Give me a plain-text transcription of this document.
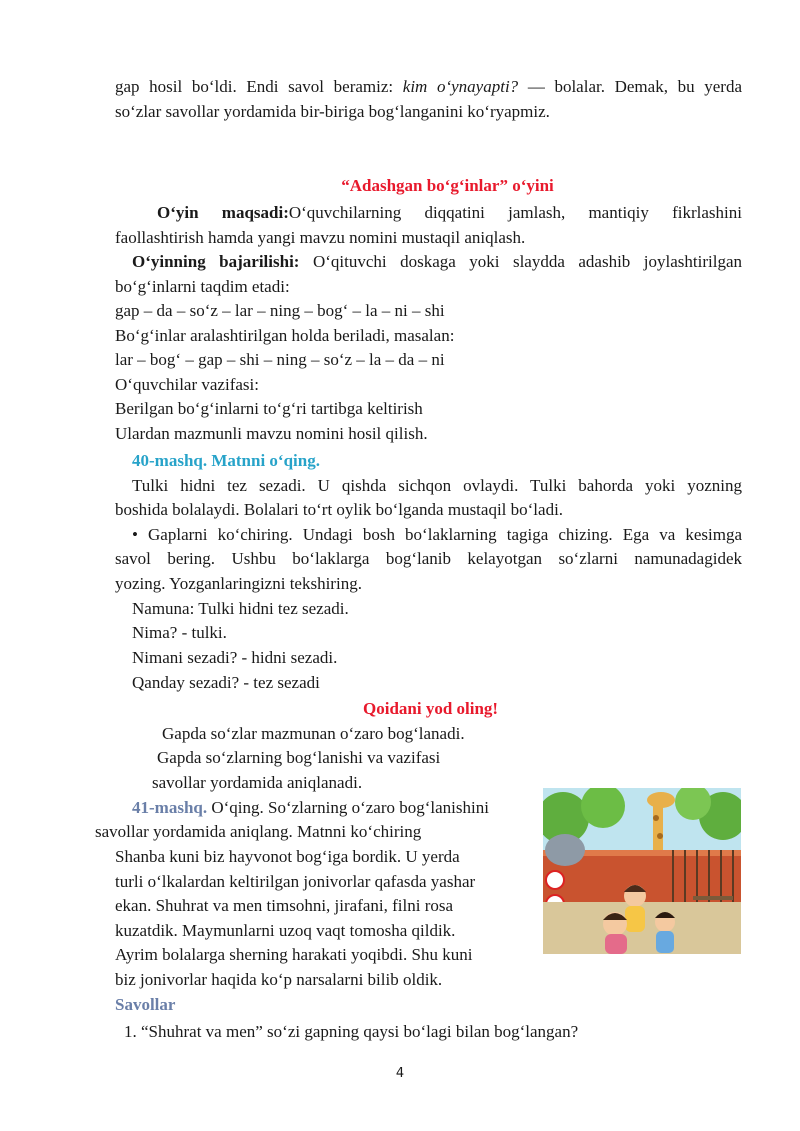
gap hosil bo‘ldi. Endi savol beramiz: kim o‘ynayapti? — bolalar. Demak, bu yerda
so‘zlar savollar yordamida bir-biriga bog‘langanini ko‘ryapmiz.
“Adashgan bo‘g‘inlar” o‘yini
O‘yin maqsadi:O‘quvchilarning diqqatini jamlash, mantiqiy fikrlashini
faollashtirish hamda yangi mavzu nomini mustaqil aniqlash.
O‘yinning bajarilishi: O‘qituvchi doskaga yoki slaydda adashib joylashtirilgan
bo‘g‘inlarni taqdim etadi:
gap – da – so‘z – lar – ning – bog‘ – la – ni – shi
Bo‘g‘inlar aralashtirilgan holda beriladi, masalan:
lar – bog‘ – gap – shi – ning – so‘z – la – da – ni
O‘quvchilar vazifasi:
Berilgan bo‘g‘inlarni to‘g‘ri tartibga keltirish
Ulardan mazmunli mavzu nomini hosil qilish.
40-mashq. Matnni o‘qing.
Tulki hidni tez sezadi. U qishda sichqon ovlaydi. Tulki bahorda yoki yozning
boshida bolalaydi. Bolalari to‘rt oylik bo‘lganda mustaqil bo‘ladi.
• Gaplarni ko‘chiring. Undagi bosh bo‘laklarning tagiga chizing. Ega va kesimga
savol bering. Ushbu bo‘laklarga bog‘lanib kelayotgan so‘zlarni namunadagidek
yozing. Yozganlaringizni tekshiring.
Namuna: Tulki hidni tez sezadi.
Nima? - tulki.
Nimani sezadi? - hidni sezadi.
Qanday sezadi? - tez sezadi
Qoidani yod oling!
Gapda so‘zlar mazmunan o‘zaro bog‘lanadi.
Gapda so‘zlarning bog‘lanishi va vazifasi
savollar yordamida aniqlanadi.
41-mashq. O‘qing. So‘zlarning o‘zaro bog‘lanishini
savollar yordamida aniqlang. Matnni ko‘chiring
Shanba kuni biz hayvonot bog‘iga bordik. U yerda
turli o‘lkalardan keltirilgan jonivorlar qafasda yashar
ekan. Shuhrat va men timsohni, jirafani, filni rosa
kuzatdik. Maymunlarni uzoq vaqt tomosha qildik.
Ayrim bolalarga sherning harakati yoqibdi. Shu kuni
biz jonivorlar haqida ko‘p narsalarni bilib oldik.
Savollar
1. “Shuhrat va men” so‘zi gapning qaysi bo‘lagi bilan bog‘langan?
4
